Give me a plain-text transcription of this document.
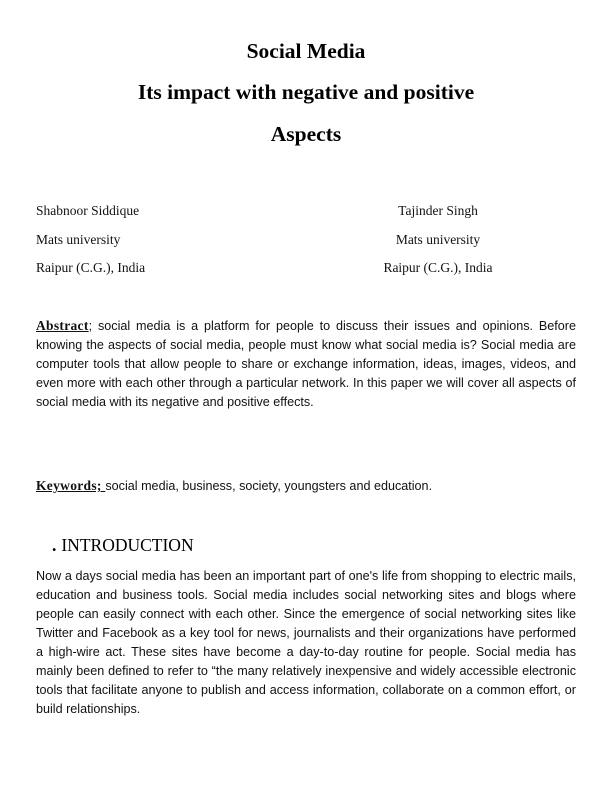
Social Media
Its impact with negative and positive
Aspects
Shabnoor Siddique
Mats university
Raipur (C.G.), India
Tajinder Singh
Mats university
Raipur (C.G.), India
Abstract; social media is a platform for people to discuss their issues and opinions. Before knowing the aspects of social media, people must know what social media is? Social media are computer tools that allow people to share or exchange information, ideas, images, videos, and even more with each other through a particular network. In this paper we will cover all aspects of social media with its negative and positive effects.
Keywords; social media, business, society, youngsters and education.
. INTRODUCTION
Now a days social media has been an important part of one's life from shopping to electric mails, education and business tools. Social media includes social networking sites and blogs where people can easily connect with each other. Since the emergence of social networking sites like Twitter and Facebook as a key tool for news, journalists and their organizations have performed a high-wire act. These sites have become a day-to-day routine for people. Social media has mainly been defined to refer to “the many relatively inexpensive and widely accessible electronic tools that facilitate anyone to publish and access information, collaborate on a common effort, or build relationships.
